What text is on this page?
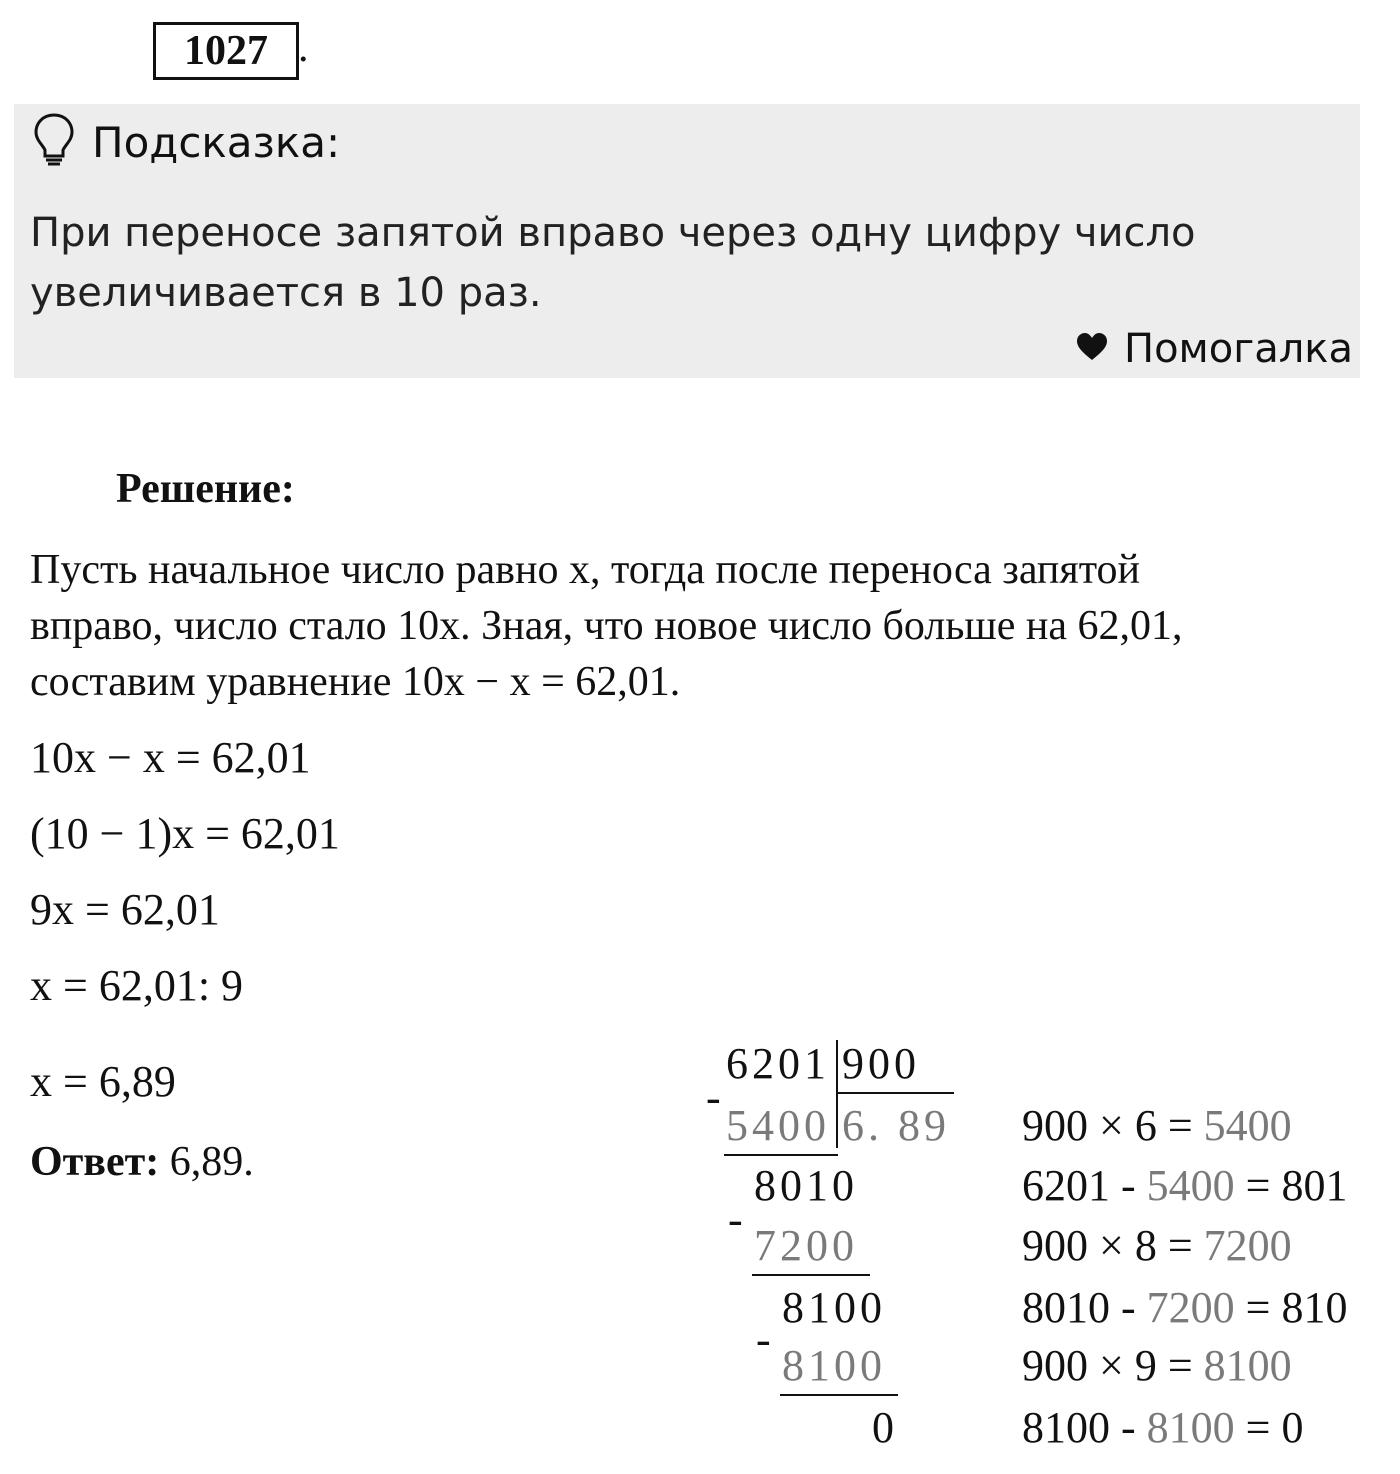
1027 .
Подсказка:
При переносе запятой вправо через одну цифру число
увеличивается в 10 раз.
Помогалка
Решение:
Пусть начальное число равно x, тогда после переноса запятой
вправо, число стало 10x. Зная, что новое число больше на 62,01,
составим уравнение 10x − x = 62,01.
10x − x = 62,01
(10 − 1)x = 62,01
9x = 62,01
x = 62,01: 9
x = 6,89
Ответ: 6,89.
6201 900
-
5400 6. 89
8010
-
7200
8100
-
8100
0
900 × 6 = 5400
6201 - 5400 = 801
900 × 8 = 7200
8010 - 7200 = 810
900 × 9 = 8100
8100 - 8100 = 0
